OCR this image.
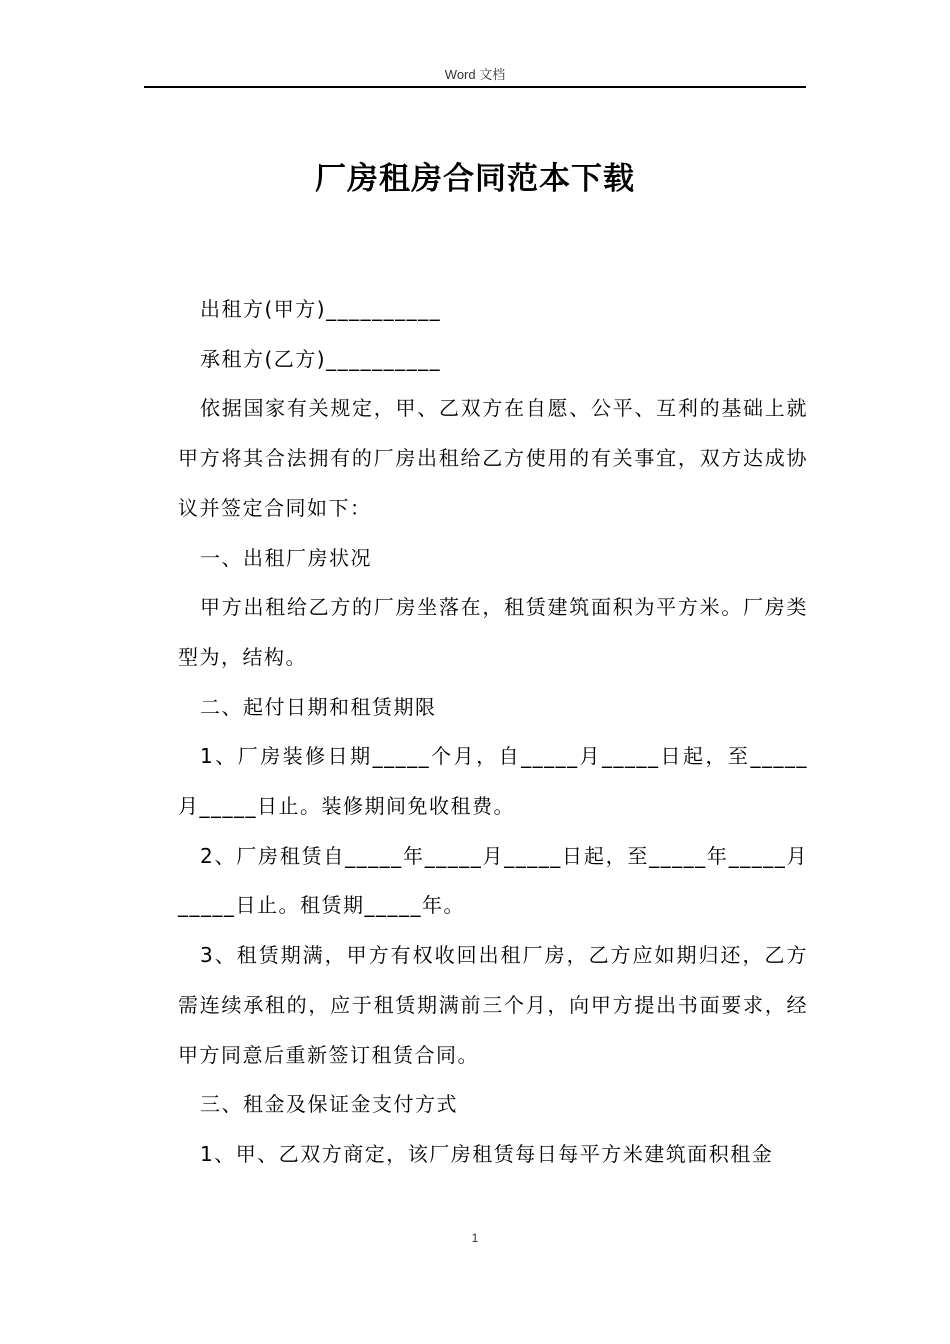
Word 文档
厂房租房合同范本下载

出租方(甲方)__________

承租方(乙方)__________

依据国家有关规定，甲、乙双方在自愿、公平、互利的基础上就甲方将其合法拥有的厂房出租给乙方使用的有关事宜，双方达成协议并签定合同如下：

一、出租厂房状况

甲方出租给乙方的厂房坐落在，租赁建筑面积为平方米。厂房类型为，结构。

二、起付日期和租赁期限

1、厂房装修日期_____个月，自_____月_____日起，至_____月_____日止。装修期间免收租费。

2、厂房租赁自_____年_____月_____日起，至_____年_____月_____日止。租赁期_____年。

3、租赁期满，甲方有权收回出租厂房，乙方应如期归还，乙方需连续承租的，应于租赁期满前三个月，向甲方提出书面要求，经甲方同意后重新签订租赁合同。

三、租金及保证金支付方式

1、甲、乙双方商定，该厂房租赁每日每平方米建筑面积租金

1
